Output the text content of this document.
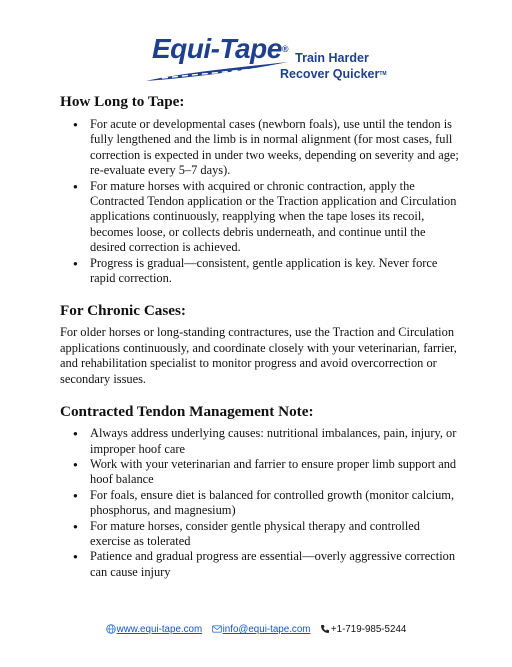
Equi-Tape®
Train Harder
Recover Quicker™
How Long to Tape:
● For acute or developmental cases (newborn foals), use until the tendon is fully lengthened and the limb is in normal alignment (for most cases, full correction is expected in under two weeks, depending on severity and age; re-evaluate every 5–7 days).
● For mature horses with acquired or chronic contraction, apply the Contracted Tendon application or the Traction application and Circulation applications continuously, reapplying when the tape loses its recoil, becomes loose, or collects debris underneath, and continue until the desired correction is achieved.
● Progress is gradual—consistent, gentle application is key. Never force rapid correction.
For Chronic Cases:

For older horses or long-standing contractures, use the Traction and Circulation applications continuously, and coordinate closely with your veterinarian, farrier, and rehabilitation specialist to monitor progress and avoid overcorrection or secondary issues.

Contracted Tendon Management Note:
● Always address underlying causes: nutritional imbalances, pain, injury, or improper hoof care
● Work with your veterinarian and farrier to ensure proper limb support and hoof balance
● For foals, ensure diet is balanced for controlled growth (monitor calcium, phosphorus, and magnesium)
● For mature horses, consider gentle physical therapy and controlled exercise as tolerated
● Patience and gradual progress are essential—overly aggressive correction can cause injury
www.equi-tape.com info@equi-tape.com +1-719-985-5244
